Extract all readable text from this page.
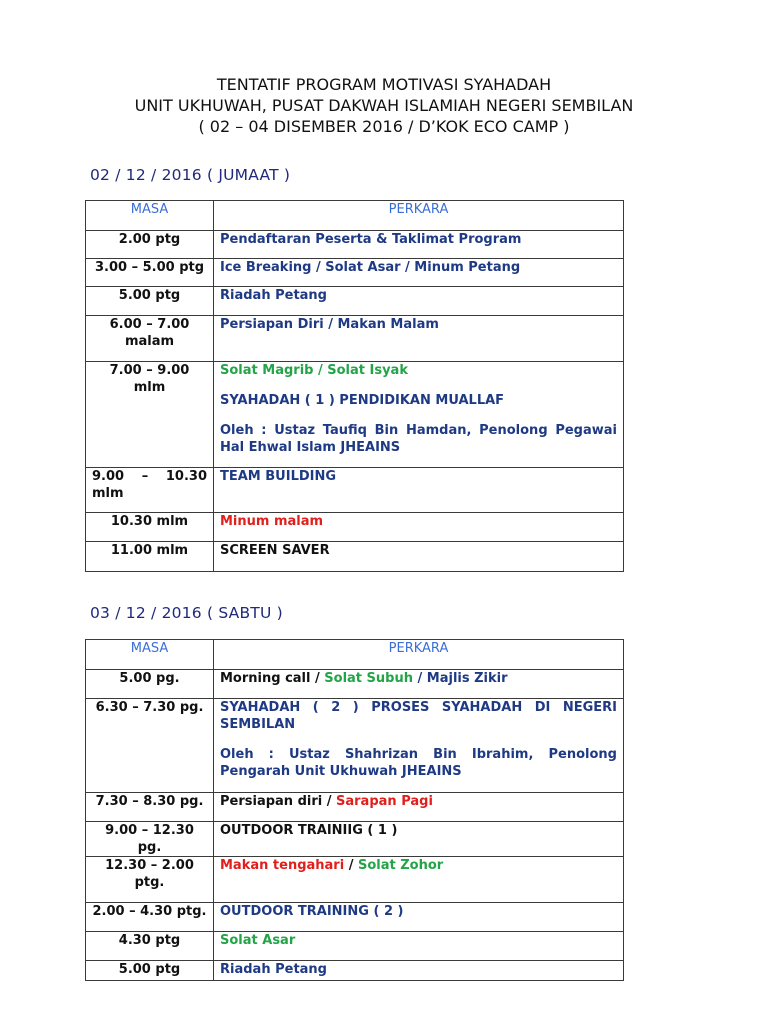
TENTATIF PROGRAM MOTIVASI SYAHADAH
UNIT UKHUWAH, PUSAT DAKWAH ISLAMIAH NEGERI SEMBILAN
( 02 – 04 DISEMBER 2016 / D’KOK ECO CAMP )
02 / 12 / 2016 ( JUMAAT )
MASA	PERKARA
2.00 ptg	Pendaftaran Peserta & Taklimat Program

3.00 – 5.00 ptg	Ice Breaking / Solat Asar / Minum Petang

5.00 ptg	Riadah Petang

6.00 – 7.00 malam	Persiapan Diri / Makan Malam

7.00 – 9.00 mlm	Solat Magrib / Solat Isyak

SYAHADAH ( 1 ) PENDIDIKAN MUALLAF

Oleh : Ustaz Taufiq Bin Hamdan, Penolong Pegawai Hal Ehwal Islam JHEAINS

9.00 – 10.30 mlm	TEAM BUILDING

10.30 mlm	Minum malam

11.00 mlm	SCREEN SAVER

03 / 12 / 2016 ( SABTU )
MASA	PERKARA
5.00 pg.	Morning call / Solat Subuh / Majlis Zikir

6.30 – 7.30 pg.	SYAHADAH ( 2 ) PROSES SYAHADAH DI NEGERI SEMBILAN

Oleh : Ustaz Shahrizan Bin Ibrahim, Penolong Pengarah Unit Ukhuwah JHEAINS

7.30 – 8.30 pg.	Persiapan diri / Sarapan Pagi

9.00 – 12.30 pg.	OUTDOOR TRAINIIG ( 1 )

12.30 – 2.00 ptg.	Makan tengahari / Solat Zohor

2.00 – 4.30 ptg.	OUTDOOR TRAINING ( 2 )

4.30 ptg	Solat Asar

5.00 ptg	Riadah Petang
